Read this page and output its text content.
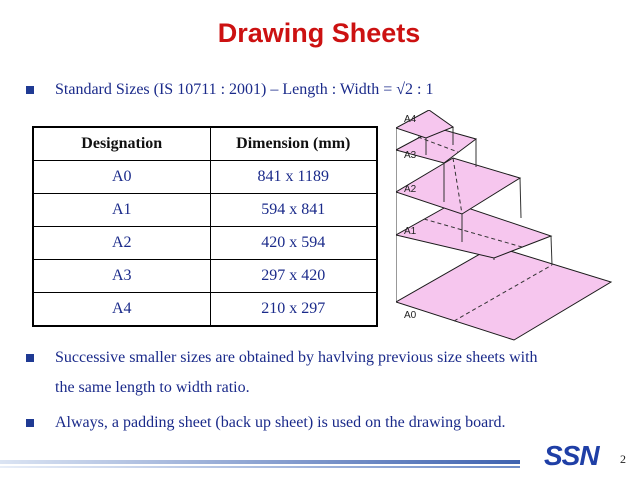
Drawing Sheets
Standard Sizes (IS 10711 : 2001) – Length : Width = √2 : 1
Designation	Dimension (mm)
A0	841 x 1189
A1	594 x 841
A2	420 x 594
A3	297 x 420
A4	210 x 297
A4
A3
A2
A1
A0
Successive smaller sizes are obtained by havlving previous size sheets with
the same length to width ratio.
Always, a padding sheet (back up sheet) is used on the drawing board.
SSN 2
